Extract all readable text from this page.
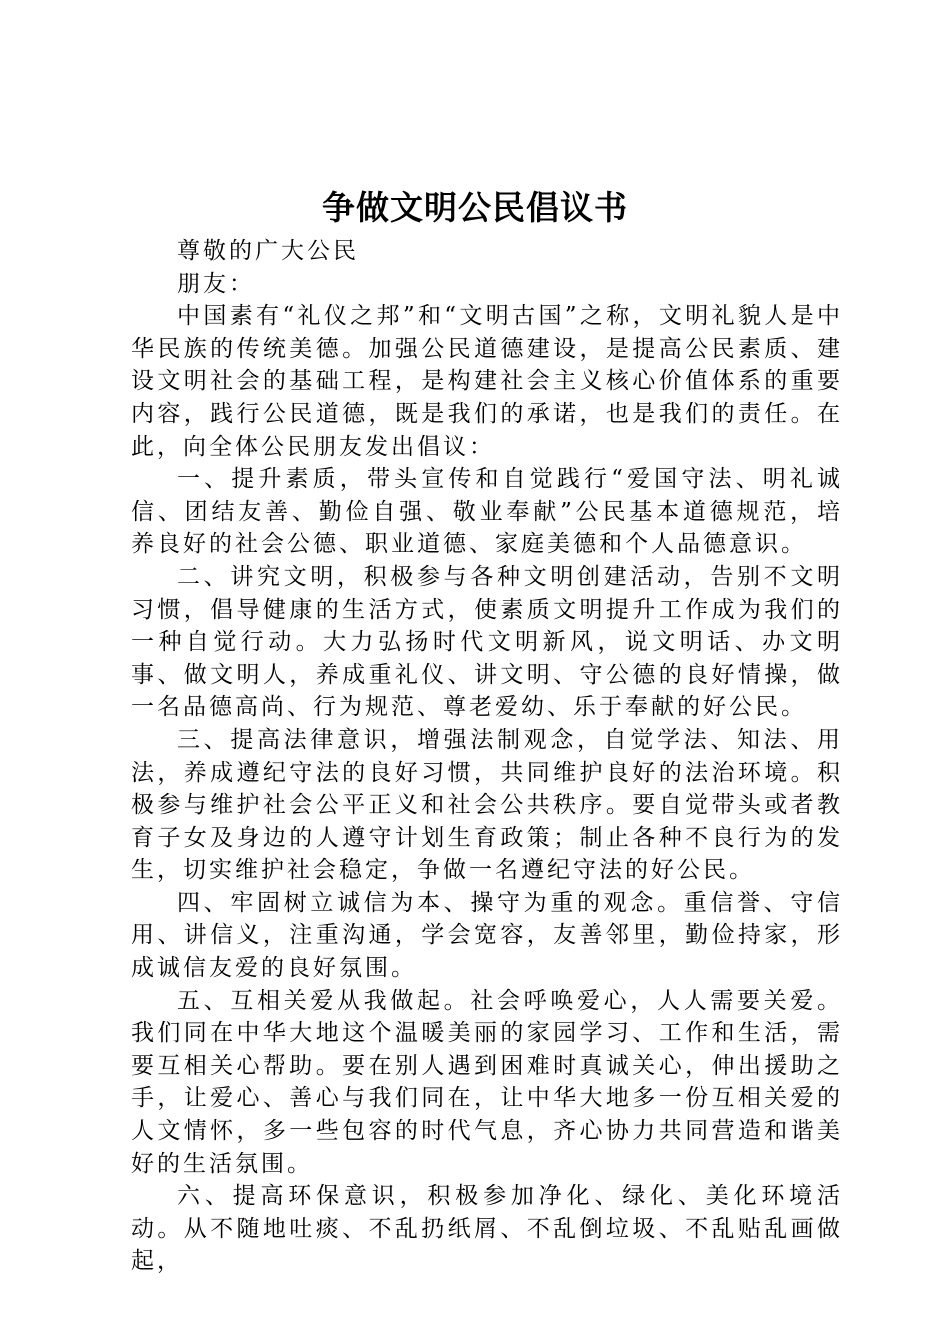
争做文明公民倡议书

尊敬的广大公民

朋友：

中国素有“礼仪之邦”和“文明古国”之称，文明礼貌人是中华民族的传统美德。加强公民道德建设，是提高公民素质、建设文明社会的基础工程，是构建社会主义核心价值体系的重要内容，践行公民道德，既是我们的承诺，也是我们的责任。在此，向全体公民朋友发出倡议：

一、提升素质，带头宣传和自觉践行“爱国守法、明礼诚信、团结友善、勤俭自强、敬业奉献”公民基本道德规范，培养良好的社会公德、职业道德、家庭美德和个人品德意识。

二、讲究文明，积极参与各种文明创建活动，告别不文明习惯，倡导健康的生活方式，使素质文明提升工作成为我们的一种自觉行动。大力弘扬时代文明新风，说文明话、办文明事、做文明人，养成重礼仪、讲文明、守公德的良好情操，做一名品德高尚、行为规范、尊老爱幼、乐于奉献的好公民。

三、提高法律意识，增强法制观念，自觉学法、知法、用法，养成遵纪守法的良好习惯，共同维护良好的法治环境。积极参与维护社会公平正义和社会公共秩序。要自觉带头或者教育子女及身边的人遵守计划生育政策；制止各种不良行为的发生，切实维护社会稳定，争做一名遵纪守法的好公民。

四、牢固树立诚信为本、操守为重的观念。重信誉、守信用、讲信义，注重沟通，学会宽容，友善邻里，勤俭持家，形成诚信友爱的良好氛围。

五、互相关爱从我做起。社会呼唤爱心，人人需要关爱。我们同在中华大地这个温暖美丽的家园学习、工作和生活，需要互相关心帮助。要在别人遇到困难时真诚关心，伸出援助之手，让爱心、善心与我们同在，让中华大地多一份互相关爱的人文情怀，多一些包容的时代气息，齐心协力共同营造和谐美好的生活氛围。

六、提高环保意识，积极参加净化、绿化、美化环境活动。从不随地吐痰、不乱扔纸屑、不乱倒垃圾、不乱贴乱画做起，
